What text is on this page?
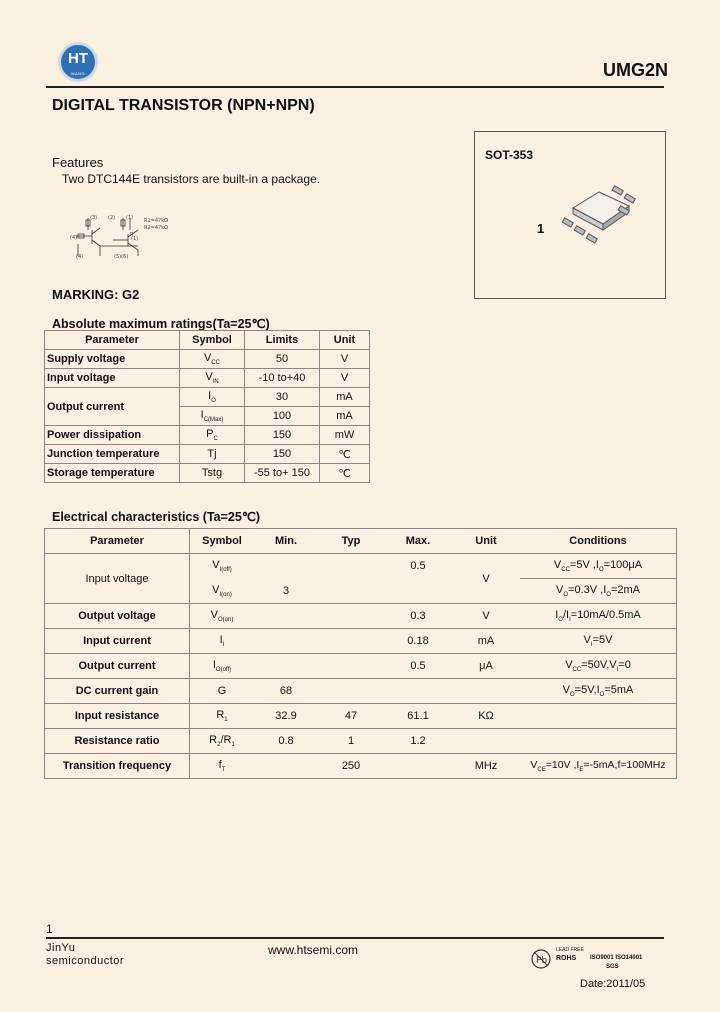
HT
WANG	UMG2N
DIGITAL TRANSISTOR (NPN+NPN)
Features
Two DTC144E transistors are built-in a package.
(3) (2) (1) R1=47kΩ
R2=47kΩ
R
(1)
(4)
(4)	(5)(6)
MARKING: G2
SOT-353
1
Absolute maximum ratings(Ta=25℃)
Parameter	Symbol	Limits	Unit
Supply voltage	$V_{CC}$	50	V
Input voltage	$V_{IN}$	-10 to+40	V
Output current	$I_O$	30	mA
	$I_{C(Max)}$	100	mA
Power dissipation	$P_C$	150	mW
Junction temperature	Tj	150	℃
Storage temperature	Tstg	-55 to+ 150	℃
Electrical characteristics (Ta=25℃)
Parameter	Symbol	Min.	Typ	Max.	Unit	Conditions
Input voltage	$V_{I(off)}$			0.5	V	$V_{CC}=5V$ $,I_O=100\mu A$
	$V_{I(on)}$	3				$V_O=0.3V$ $,I_O=2mA$
Output voltage	$V_{O(on)}$			0.3	V	$I_O/I_I=10mA/0.5mA$
Input current	$I_I$			0.18	mA	$V_I=5V$
Output current	$I_{O(off)}$			0.5	μA	$V_{CC}=50V,V_I=0$
DC current gain	G	68				$V_O=5V,I_O=5mA$
Input resistance	$R_1$	32.9	47	61.1	KΩ	
Resistance ratio	$R_2/R_1$	0.8	1	1.2		
Transition frequency	$f_T$		250		MHz	$V_{CE}=10V$ $,I_E=-5mA,f=100MHz$
1
JinYu
semiconductor
www.htsemi.com
Pb
LEAD FREE
ROHS ISO9001 ISO14001
SGS
Date:2011/05
